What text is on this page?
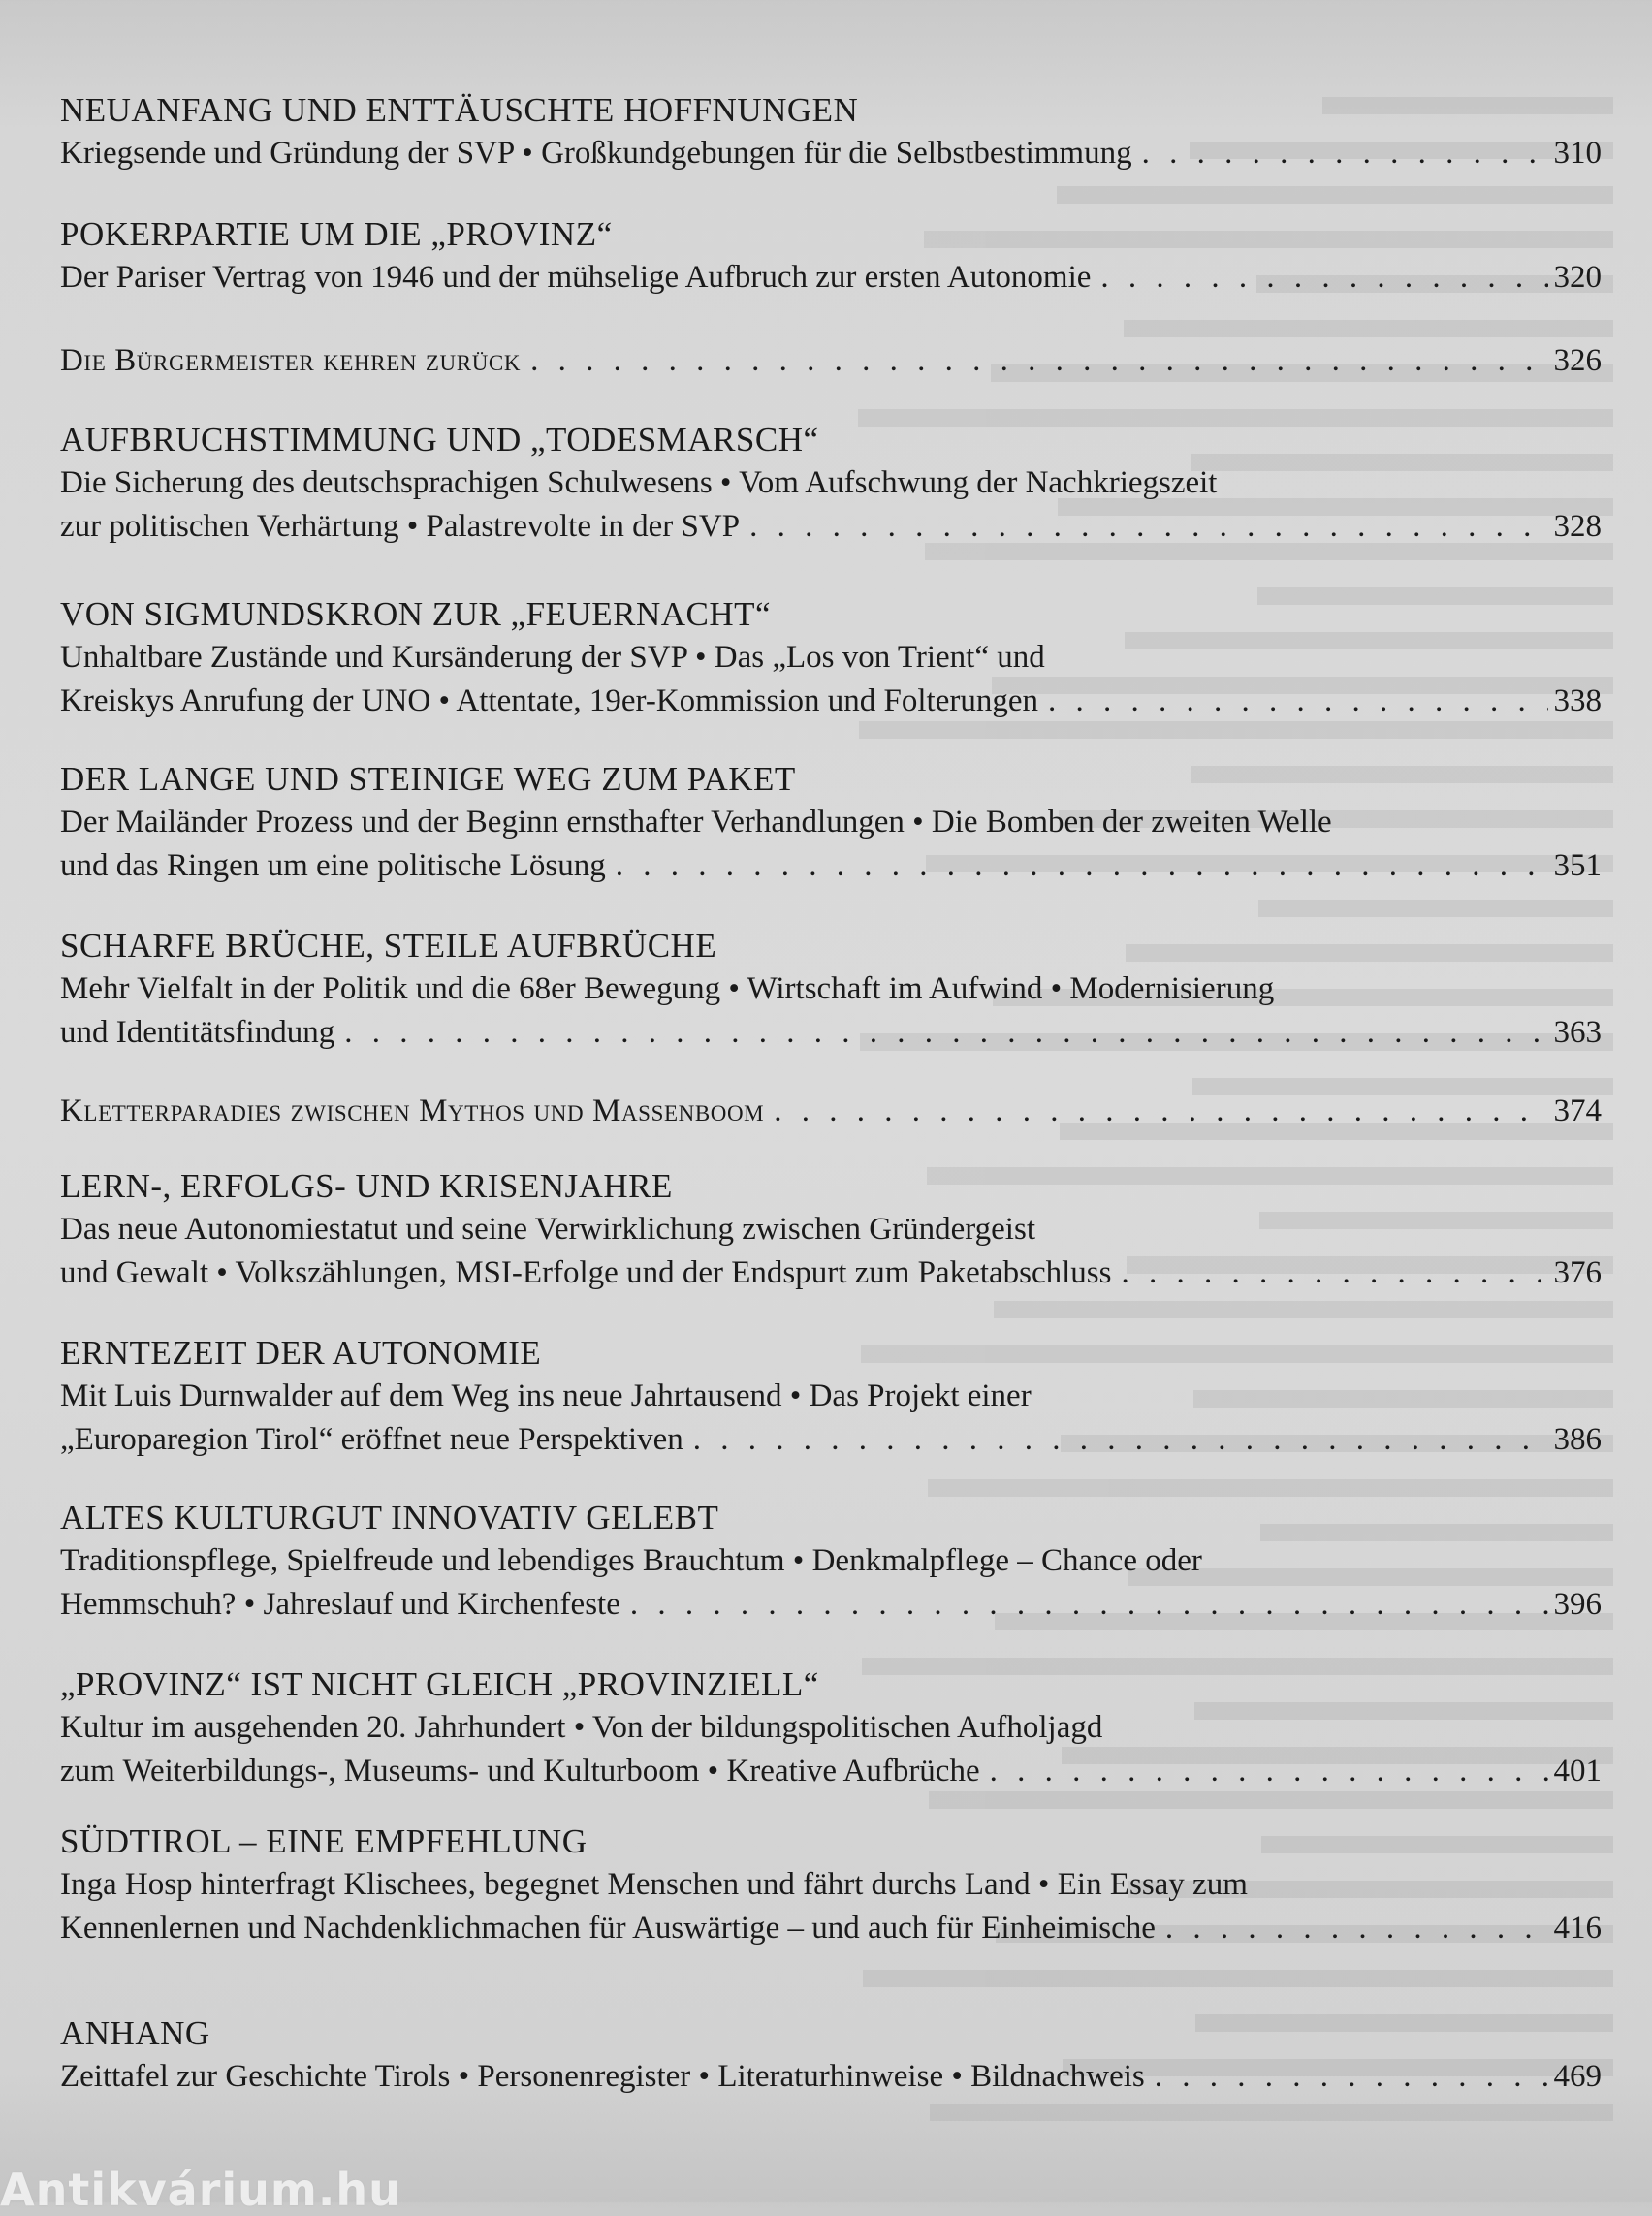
NEUANFANG UND ENTTÄUSCHTE HOFFNUNGEN
Kriegsende und Gründung der SVP • Großkundgebungen für die Selbstbestimmung . . .	310
POKERPARTIE UM DIE „PROVINZ“
Der Pariser Vertrag von 1946 und der mühselige Aufbruch zur ersten Autonomie . . .	320
Die Bürgermeister kehren zurück . . .	326
AUFBRUCHSTIMMUNG UND „TODESMARSCH“
Die Sicherung des deutschsprachigen Schulwesens • Vom Aufschwung der Nachkriegszeit
zur politischen Verhärtung • Palastrevolte in der SVP . . .	328
VON SIGMUNDSKRON ZUR „FEUERNACHT“
Unhaltbare Zustände und Kursänderung der SVP • Das „Los von Trient“ und
Kreiskys Anrufung der UNO • Attentate, 19er-Kommission und Folterungen . . .	338
DER LANGE UND STEINIGE WEG ZUM PAKET
Der Mailänder Prozess und der Beginn ernsthafter Verhandlungen • Die Bomben der zweiten Welle
und das Ringen um eine politische Lösung . . .	351
SCHARFE BRÜCHE, STEILE AUFBRÜCHE
Mehr Vielfalt in der Politik und die 68er Bewegung • Wirtschaft im Aufwind • Modernisierung
und Identitätsfindung . . .	363
Kletterparadies zwischen Mythos und Massenboom . . .	374
LERN-, ERFOLGS- UND KRISENJAHRE
Das neue Autonomiestatut und seine Verwirklichung zwischen Gründergeist
und Gewalt • Volkszählungen, MSI-Erfolge und der Endspurt zum Paketabschluss . . .	376
ERNTEZEIT DER AUTONOMIE
Mit Luis Durnwalder auf dem Weg ins neue Jahrtausend • Das Projekt einer
„Europaregion Tirol“ eröffnet neue Perspektiven . . .	386
ALTES KULTURGUT INNOVATIV GELEBT
Traditionspflege, Spielfreude und lebendiges Brauchtum • Denkmalpflege – Chance oder
Hemmschuh? • Jahreslauf und Kirchenfeste . . .	396
„PROVINZ“ IST NICHT GLEICH „PROVINZIELL“
Kultur im ausgehenden 20. Jahrhundert • Von der bildungspolitischen Aufholjagd
zum Weiterbildungs-, Museums- und Kulturboom • Kreative Aufbrüche . . .	401
SÜDTIROL – EINE EMPFEHLUNG
Inga Hosp hinterfragt Klischees, begegnet Menschen und fährt durchs Land • Ein Essay zum
Kennenlernen und Nachdenklichmachen für Auswärtige – und auch für Einheimische . . .	416
ANHANG
Zeittafel zur Geschichte Tirols • Personenregister • Literaturhinweise • Bildnachweis . . .	469
Antikvárium.hu
